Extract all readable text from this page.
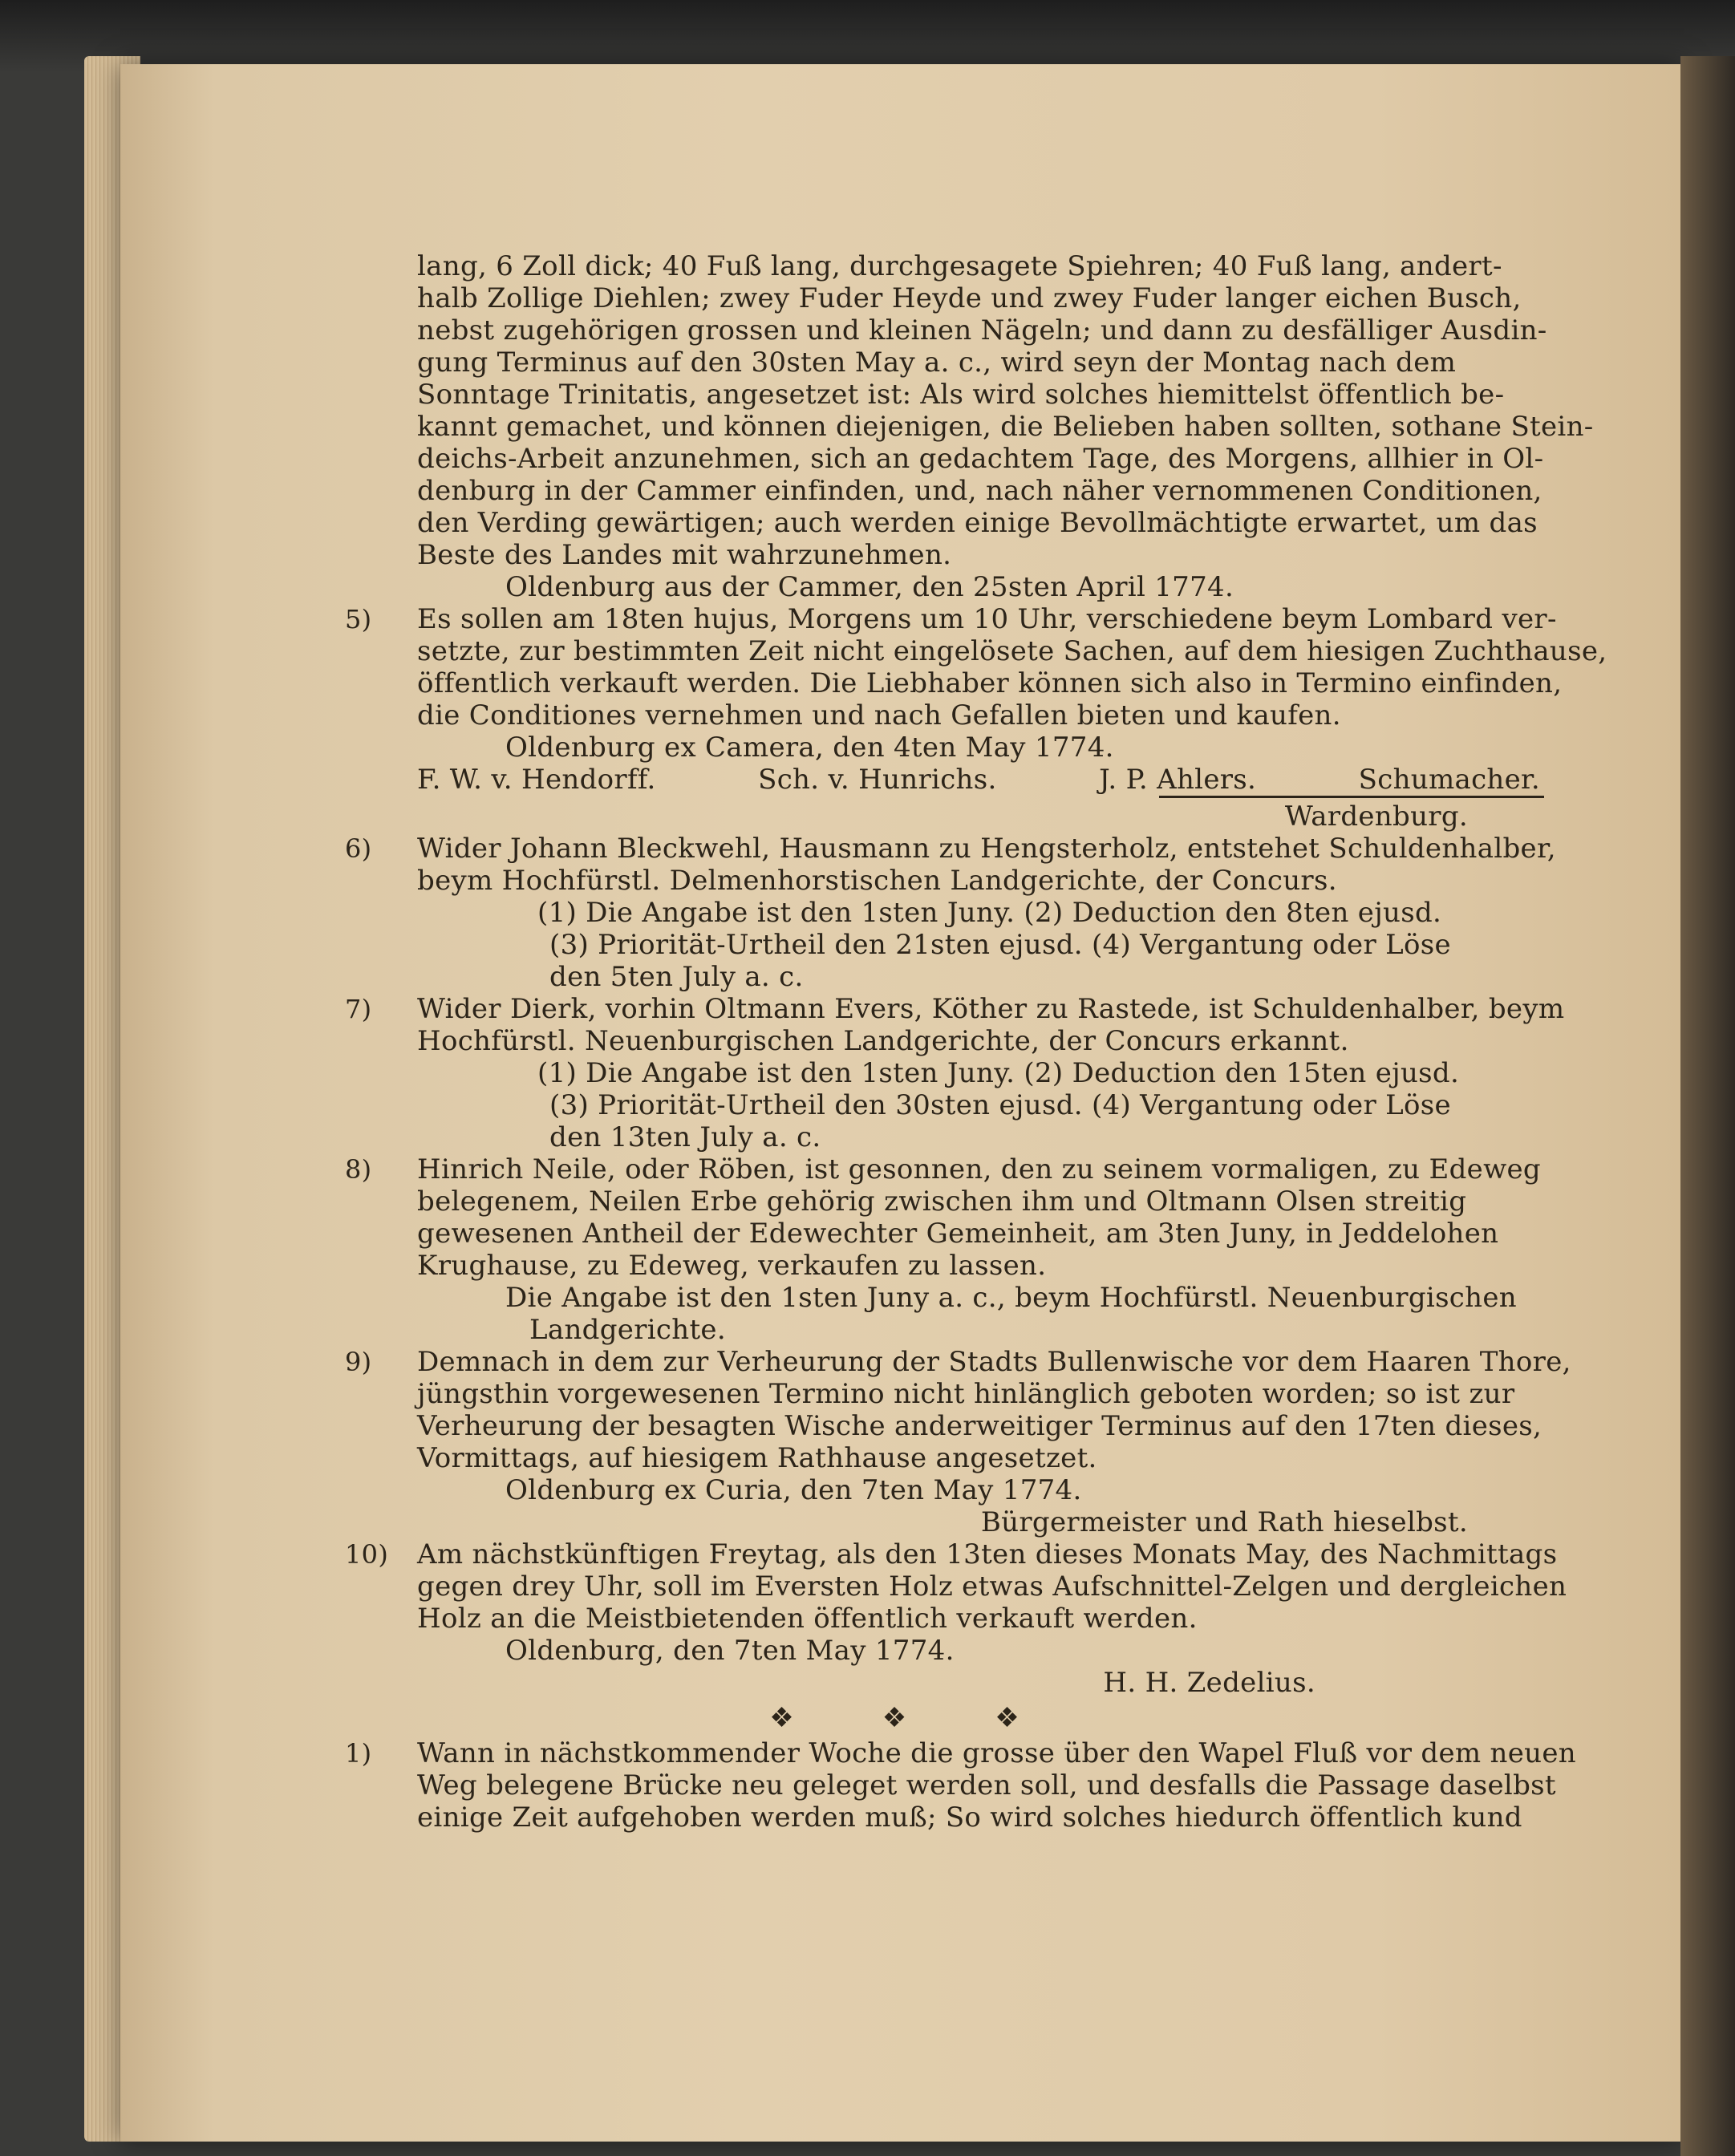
lang, 6 Zoll dick; 40 Fuß lang, durchgesagete Spiehren; 40 Fuß lang, andert-
halb Zollige Diehlen; zwey Fuder Heyde und zwey Fuder langer eichen Busch,
nebst zugehörigen grossen und kleinen Nägeln; und dann zu desfälliger Ausdin-
gung Terminus auf den 30sten May a. c., wird seyn der Montag nach dem
Sonntage Trinitatis, angesetzet ist: Als wird solches hiemittelst öffentlich be-
kannt gemachet, und können diejenigen, die Belieben haben sollten, sothane Stein-
deichs-Arbeit anzunehmen, sich an gedachtem Tage, des Morgens, allhier in Ol-
denburg in der Cammer einfinden, und, nach näher vernommenen Conditionen,
den Verding gewärtigen; auch werden einige Bevollmächtigte erwartet, um das
Beste des Landes mit wahrzunehmen.
Oldenburg aus der Cammer, den 25sten April 1774.
5) Es sollen am 18ten hujus, Morgens um 10 Uhr, verschiedene beym Lombard ver-
setzte, zur bestimmten Zeit nicht eingelösete Sachen, auf dem hiesigen Zuchthause,
öffentlich verkauft werden. Die Liebhaber können sich also in Termino einfinden,
die Conditiones vernehmen und nach Gefallen bieten und kaufen.
Oldenburg ex Camera, den 4ten May 1774.
F. W. v. Hendorff.	Sch. v. Hunrichs.	J. P. Ahlers.	Schumacher.
Wardenburg.
6) Wider Johann Bleckwehl, Hausmann zu Hengsterholz, entstehet Schuldenhalber,
beym Hochfürstl. Delmenhorstischen Landgerichte, der Concurs.
(1) Die Angabe ist den 1sten Juny. (2) Deduction den 8ten ejusd.
(3) Priorität-Urtheil den 21sten ejusd. (4) Vergantung oder Löse
den 5ten July a. c.
7) Wider Dierk, vorhin Oltmann Evers, Köther zu Rastede, ist Schuldenhalber, beym
Hochfürstl. Neuenburgischen Landgerichte, der Concurs erkannt.
(1) Die Angabe ist den 1sten Juny. (2) Deduction den 15ten ejusd.
(3) Priorität-Urtheil den 30sten ejusd. (4) Vergantung oder Löse
den 13ten July a. c.
8) Hinrich Neile, oder Röben, ist gesonnen, den zu seinem vormaligen, zu Edeweg
belegenem, Neilen Erbe gehörig zwischen ihm und Oltmann Olsen streitig
gewesenen Antheil der Edewechter Gemeinheit, am 3ten Juny, in Jeddelohen
Krughause, zu Edeweg, verkaufen zu lassen.
Die Angabe ist den 1sten Juny a. c., beym Hochfürstl. Neuenburgischen
Landgerichte.
9) Demnach in dem zur Verheurung der Stadts Bullenwische vor dem Haaren Thore,
jüngsthin vorgewesenen Termino nicht hinlänglich geboten worden; so ist zur
Verheurung der besagten Wische anderweitiger Terminus auf den 17ten dieses,
Vormittags, auf hiesigem Rathhause angesetzet.
Oldenburg ex Curia, den 7ten May 1774.
Bürgermeister und Rath hieselbst.
10) Am nächstkünftigen Freytag, als den 13ten dieses Monats May, des Nachmittags
gegen drey Uhr, soll im Eversten Holz etwas Aufschnittel-Zelgen und dergleichen
Holz an die Meistbietenden öffentlich verkauft werden.
Oldenburg, den 7ten May 1774.
H. H. Zedelius.
❖❖❖
1) Wann in nächstkommender Woche die grosse über den Wapel Fluß vor dem neuen
Weg belegene Brücke neu geleget werden soll, und desfalls die Passage daselbst
einige Zeit aufgehoben werden muß; So wird solches hiedurch öffentlich kund
